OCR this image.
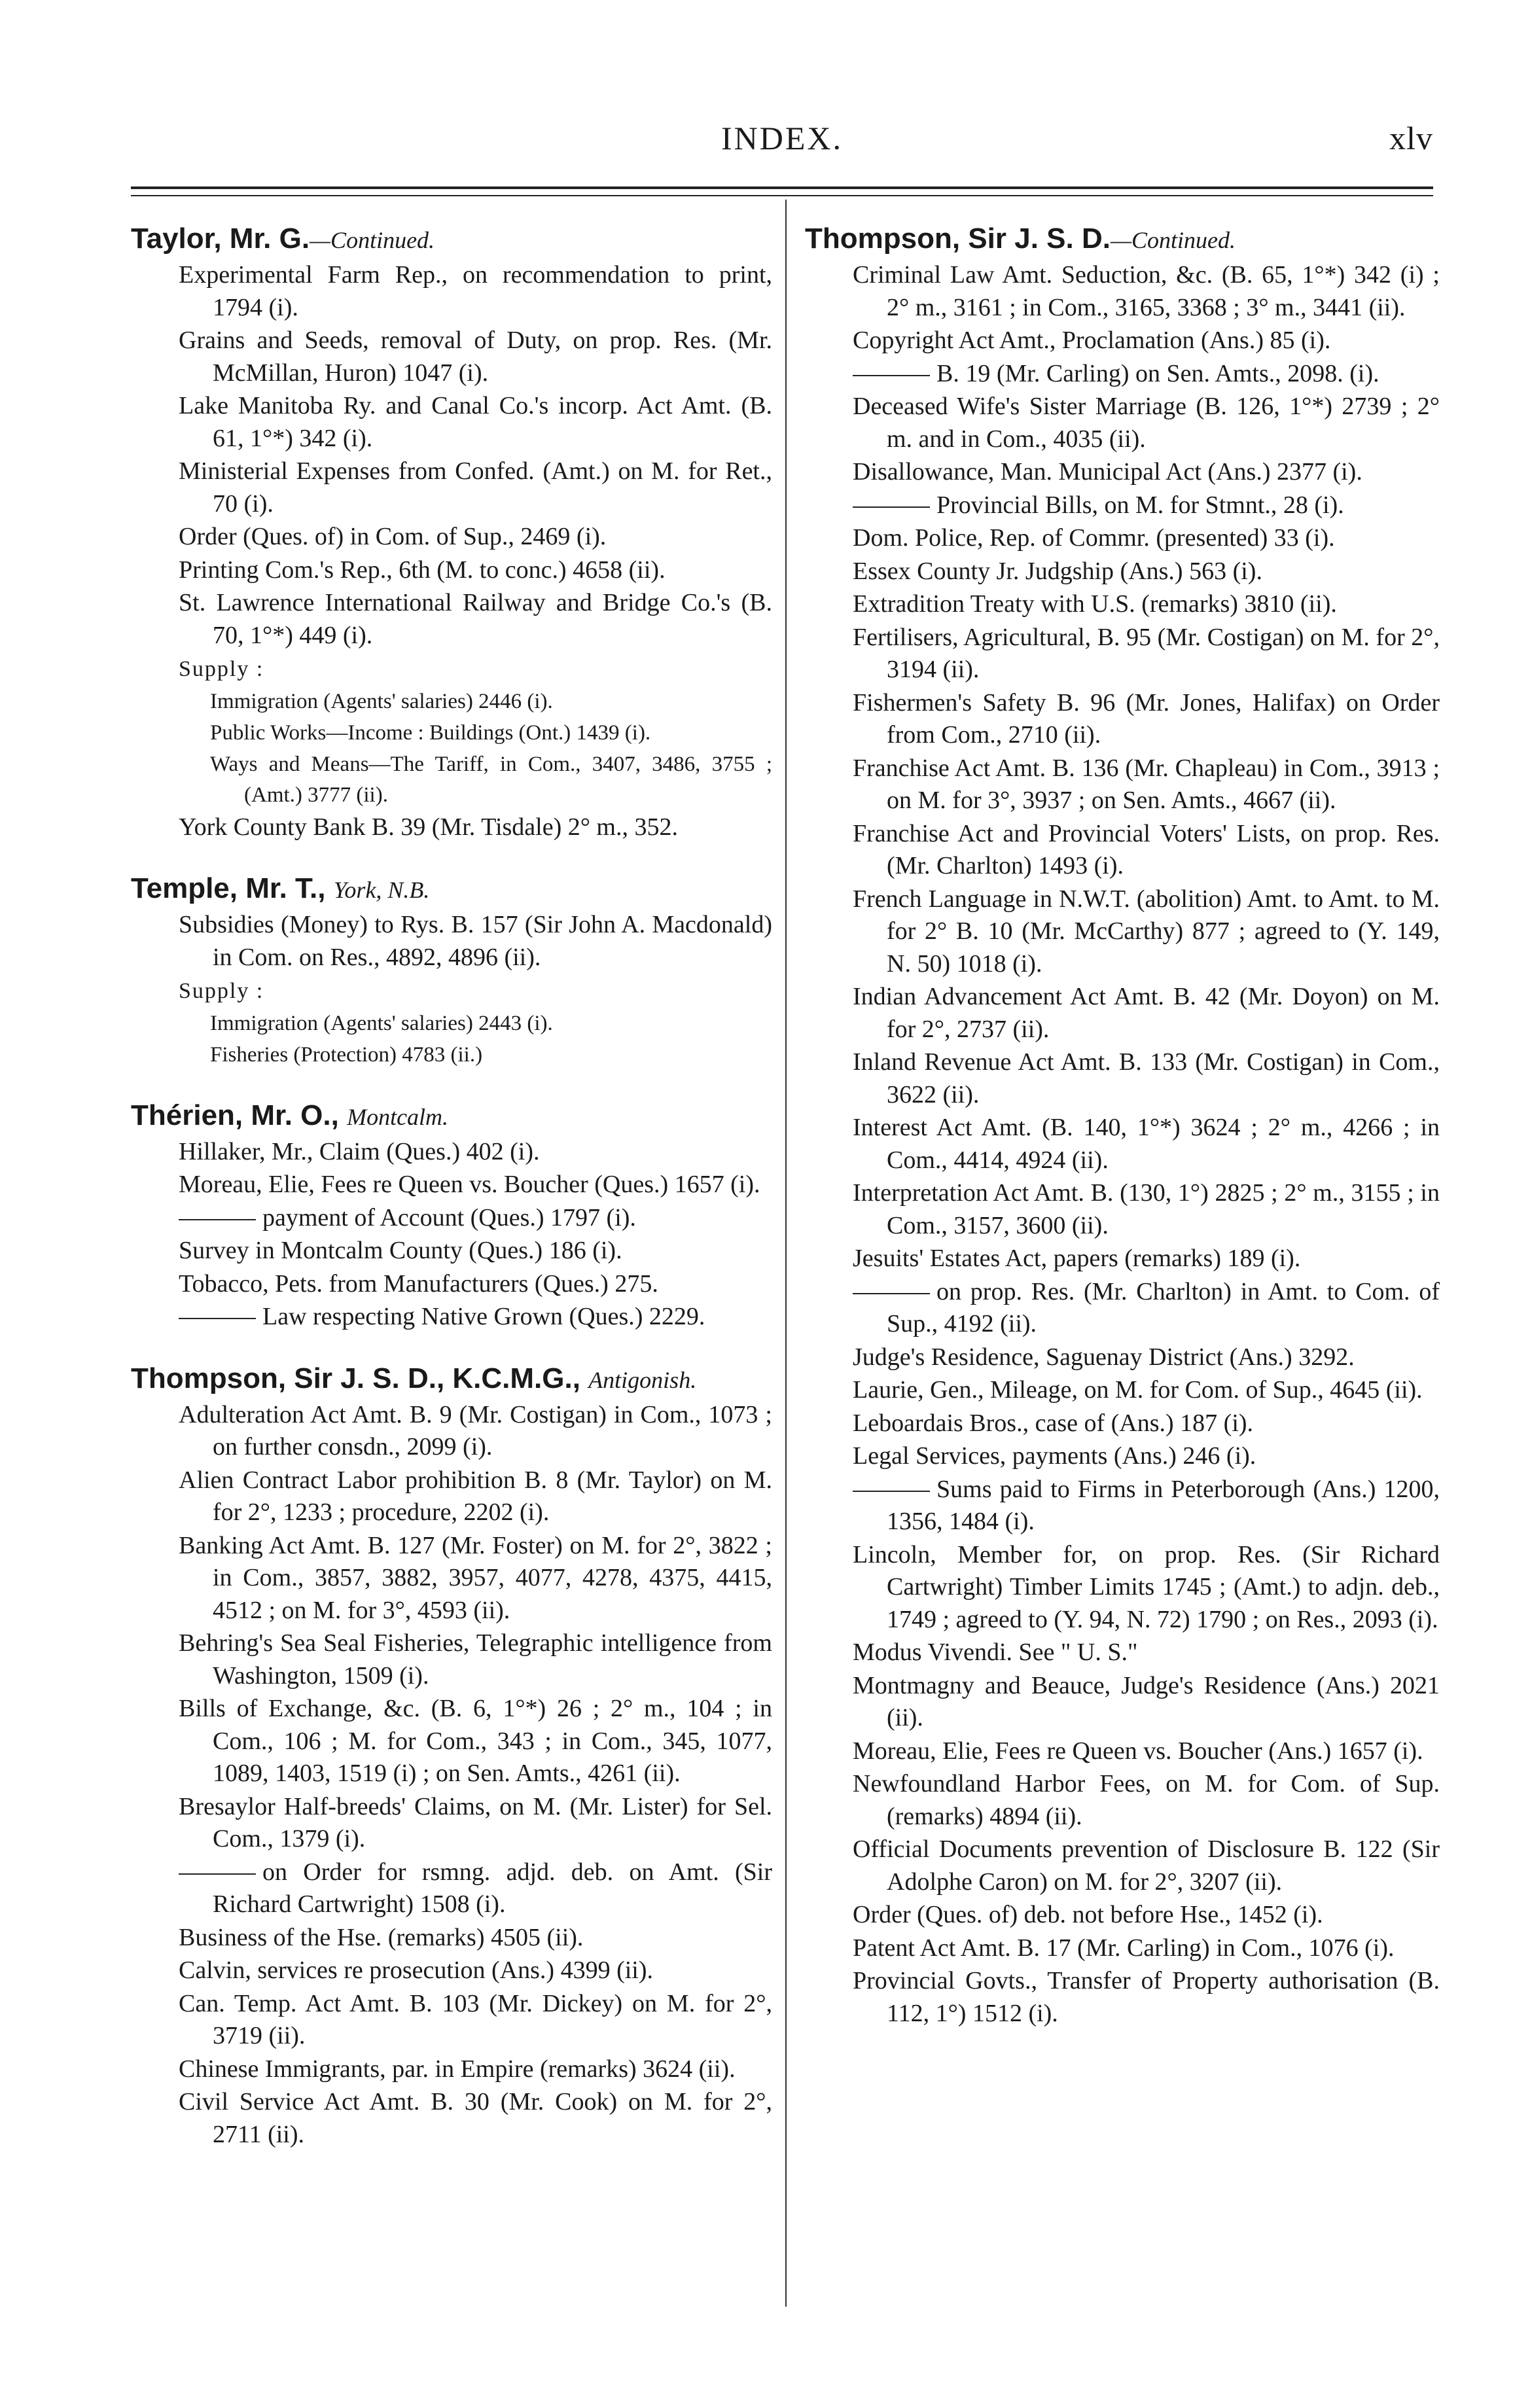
INDEX.	xlv
Taylor, Mr. G.—Continued.
Experimental Farm Rep., on recommendation to print, 1794 (i).
Grains and Seeds, removal of Duty, on prop. Res. (Mr. McMillan, Huron) 1047 (i).
Lake Manitoba Ry. and Canal Co.'s incorp. Act Amt. (B. 61, 1°*) 342 (i).
Ministerial Expenses from Confed. (Amt.) on M. for Ret., 70 (i).
Order (Ques. of) in Com. of Sup., 2469 (i).
Printing Com.'s Rep., 6th (M. to conc.) 4658 (ii).
St. Lawrence International Railway and Bridge Co.'s (B. 70, 1°*) 449 (i).
Supply :
Immigration (Agents' salaries) 2446 (i).
Public Works—Income : Buildings (Ont.) 1439 (i).
Ways and Means—The Tariff, in Com., 3407, 3486, 3755 ; (Amt.) 3777 (ii).
York County Bank B. 39 (Mr. Tisdale) 2° m., 352.
Temple, Mr. T., York, N.B.
Subsidies (Money) to Rys. B. 157 (Sir John A. Macdonald) in Com. on Res., 4892, 4896 (ii).
Supply :
Immigration (Agents' salaries) 2443 (i).
Fisheries (Protection) 4783 (ii.)
Thérien, Mr. O., Montcalm.
Hillaker, Mr., Claim (Ques.) 402 (i).
Moreau, Elie, Fees re Queen vs. Boucher (Ques.) 1657 (i).
payment of Account (Ques.) 1797 (i).
Survey in Montcalm County (Ques.) 186 (i).
Tobacco, Pets. from Manufacturers (Ques.) 275.
Law respecting Native Grown (Ques.) 2229.
Thompson, Sir J. S. D., K.C.M.G., Antigonish.
Adulteration Act Amt. B. 9 (Mr. Costigan) in Com., 1073 ; on further consdn., 2099 (i).
Alien Contract Labor prohibition B. 8 (Mr. Taylor) on M. for 2°, 1233 ; procedure, 2202 (i).
Banking Act Amt. B. 127 (Mr. Foster) on M. for 2°, 3822 ; in Com., 3857, 3882, 3957, 4077, 4278, 4375, 4415, 4512 ; on M. for 3°, 4593 (ii).
Behring's Sea Seal Fisheries, Telegraphic intelligence from Washington, 1509 (i).
Bills of Exchange, &c. (B. 6, 1°*) 26 ; 2° m., 104 ; in Com., 106 ; M. for Com., 343 ; in Com., 345, 1077, 1089, 1403, 1519 (i) ; on Sen. Amts., 4261 (ii).
Bresaylor Half-breeds' Claims, on M. (Mr. Lister) for Sel. Com., 1379 (i).
on Order for rsmng. adjd. deb. on Amt. (Sir Richard Cartwright) 1508 (i).
Business of the Hse. (remarks) 4505 (ii).
Calvin, services re prosecution (Ans.) 4399 (ii).
Can. Temp. Act Amt. B. 103 (Mr. Dickey) on M. for 2°, 3719 (ii).
Chinese Immigrants, par. in Empire (remarks) 3624 (ii).
Civil Service Act Amt. B. 30 (Mr. Cook) on M. for 2°, 2711 (ii).
Thompson, Sir J. S. D.—Continued.
Criminal Law Amt. Seduction, &c. (B. 65, 1°*) 342 (i) ; 2° m., 3161 ; in Com., 3165, 3368 ; 3° m., 3441 (ii).
Copyright Act Amt., Proclamation (Ans.) 85 (i).
B. 19 (Mr. Carling) on Sen. Amts., 2098. (i).
Deceased Wife's Sister Marriage (B. 126, 1°*) 2739 ; 2° m. and in Com., 4035 (ii).
Disallowance, Man. Municipal Act (Ans.) 2377 (i).
Provincial Bills, on M. for Stmnt., 28 (i).
Dom. Police, Rep. of Commr. (presented) 33 (i).
Essex County Jr. Judgship (Ans.) 563 (i).
Extradition Treaty with U.S. (remarks) 3810 (ii).
Fertilisers, Agricultural, B. 95 (Mr. Costigan) on M. for 2°, 3194 (ii).
Fishermen's Safety B. 96 (Mr. Jones, Halifax) on Order from Com., 2710 (ii).
Franchise Act Amt. B. 136 (Mr. Chapleau) in Com., 3913 ; on M. for 3°, 3937 ; on Sen. Amts., 4667 (ii).
Franchise Act and Provincial Voters' Lists, on prop. Res. (Mr. Charlton) 1493 (i).
French Language in N.W.T. (abolition) Amt. to Amt. to M. for 2° B. 10 (Mr. McCarthy) 877 ; agreed to (Y. 149, N. 50) 1018 (i).
Indian Advancement Act Amt. B. 42 (Mr. Doyon) on M. for 2°, 2737 (ii).
Inland Revenue Act Amt. B. 133 (Mr. Costigan) in Com., 3622 (ii).
Interest Act Amt. (B. 140, 1°*) 3624 ; 2° m., 4266 ; in Com., 4414, 4924 (ii).
Interpretation Act Amt. B. (130, 1°) 2825 ; 2° m., 3155 ; in Com., 3157, 3600 (ii).
Jesuits' Estates Act, papers (remarks) 189 (i).
on prop. Res. (Mr. Charlton) in Amt. to Com. of Sup., 4192 (ii).
Judge's Residence, Saguenay District (Ans.) 3292.
Laurie, Gen., Mileage, on M. for Com. of Sup., 4645 (ii).
Leboardais Bros., case of (Ans.) 187 (i).
Legal Services, payments (Ans.) 246 (i).
Sums paid to Firms in Peterborough (Ans.) 1200, 1356, 1484 (i).
Lincoln, Member for, on prop. Res. (Sir Richard Cartwright) Timber Limits 1745 ; (Amt.) to adjn. deb., 1749 ; agreed to (Y. 94, N. 72) 1790 ; on Res., 2093 (i).
Modus Vivendi. See " U. S."
Montmagny and Beauce, Judge's Residence (Ans.) 2021 (ii).
Moreau, Elie, Fees re Queen vs. Boucher (Ans.) 1657 (i).
Newfoundland Harbor Fees, on M. for Com. of Sup. (remarks) 4894 (ii).
Official Documents prevention of Disclosure B. 122 (Sir Adolphe Caron) on M. for 2°, 3207 (ii).
Order (Ques. of) deb. not before Hse., 1452 (i).
Patent Act Amt. B. 17 (Mr. Carling) in Com., 1076 (i).
Provincial Govts., Transfer of Property authorisation (B. 112, 1°) 1512 (i).
